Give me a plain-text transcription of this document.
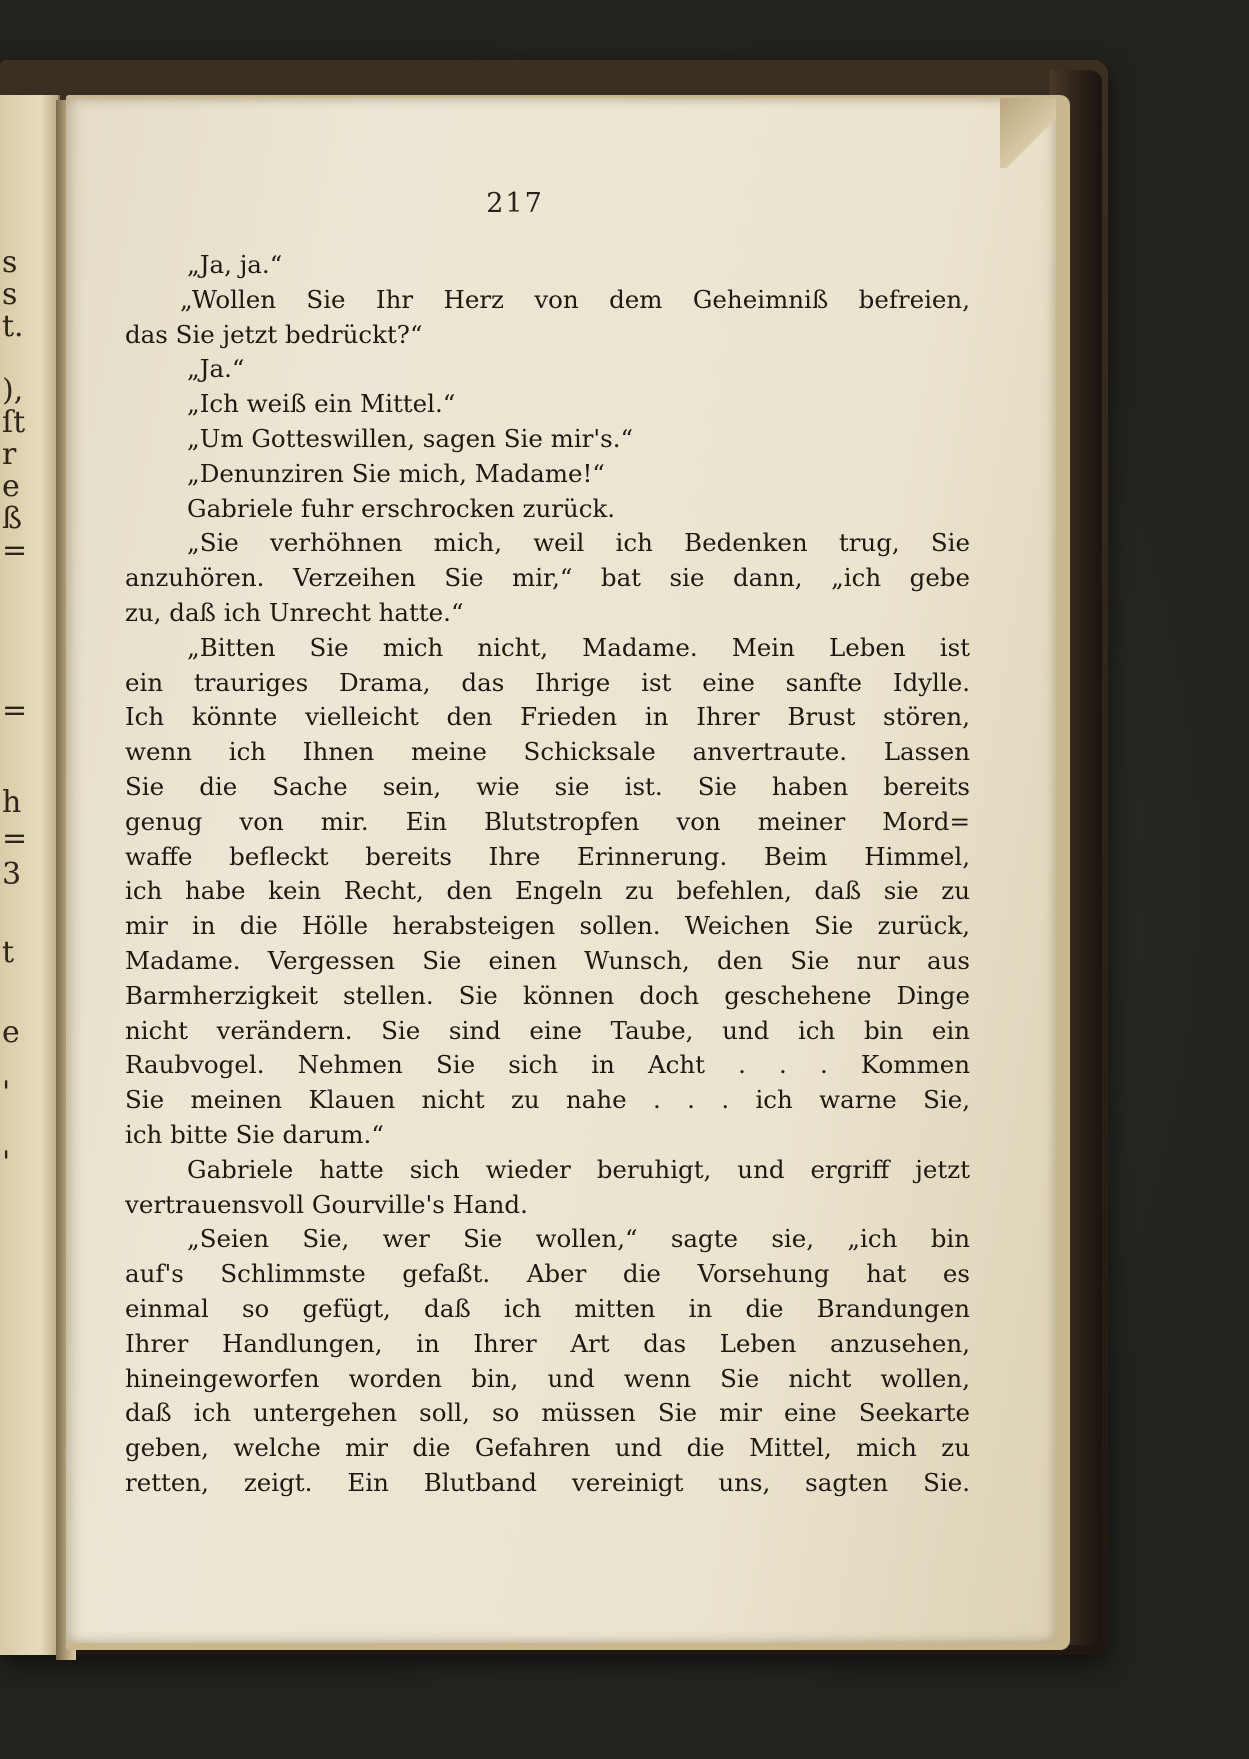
s
s
t.
),
ſt
r
e
ß
=
=
h
=
3
t
e
'
'
217
„Ja, ja.“
„Wollen Sie Ihr Herz von dem Geheimniß befreien,
das Sie jetzt bedrückt?“
„Ja.“
„Ich weiß ein Mittel.“
„Um Gotteswillen, sagen Sie mir's.“
„Denunziren Sie mich, Madame!“
Gabriele fuhr erschrocken zurück.
„Sie verhöhnen mich, weil ich Bedenken trug, Sie
anzuhören. Verzeihen Sie mir,“ bat sie dann, „ich gebe
zu, daß ich Unrecht hatte.“
„Bitten Sie mich nicht, Madame. Mein Leben ist
ein trauriges Drama, das Ihrige ist eine sanfte Idylle.
Ich könnte vielleicht den Frieden in Ihrer Brust stören,
wenn ich Ihnen meine Schicksale anvertraute. Lassen
Sie die Sache sein, wie sie ist. Sie haben bereits
genug von mir. Ein Blutstropfen von meiner Mord=
waffe befleckt bereits Ihre Erinnerung. Beim Himmel,
ich habe kein Recht, den Engeln zu befehlen, daß sie zu
mir in die Hölle herabsteigen sollen. Weichen Sie zurück,
Madame. Vergessen Sie einen Wunsch, den Sie nur aus
Barmherzigkeit stellen. Sie können doch geschehene Dinge
nicht verändern. Sie sind eine Taube, und ich bin ein
Raubvogel. Nehmen Sie sich in Acht . . . Kommen
Sie meinen Klauen nicht zu nahe . . . ich warne Sie,
ich bitte Sie darum.“
Gabriele hatte sich wieder beruhigt, und ergriff jetzt
vertrauensvoll Gourville's Hand.
„Seien Sie, wer Sie wollen,“ sagte sie, „ich bin
auf's Schlimmste gefaßt. Aber die Vorsehung hat es
einmal so gefügt, daß ich mitten in die Brandungen
Ihrer Handlungen, in Ihrer Art das Leben anzusehen,
hineingeworfen worden bin, und wenn Sie nicht wollen,
daß ich untergehen soll, so müssen Sie mir eine Seekarte
geben, welche mir die Gefahren und die Mittel, mich zu
retten, zeigt. Ein Blutband vereinigt uns, sagten Sie.
